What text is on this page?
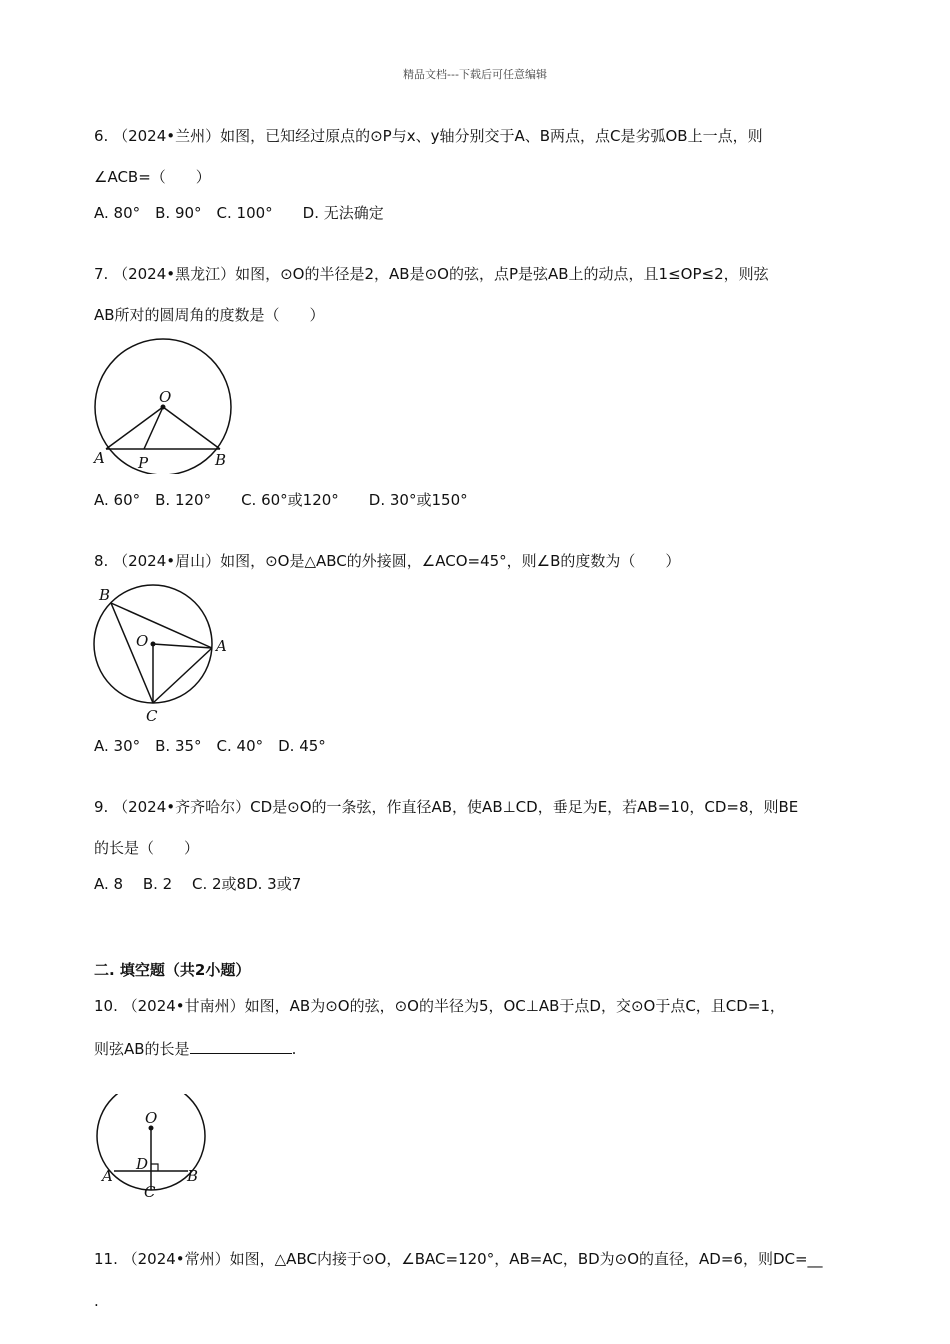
精品文档---下载后可任意编辑
6. （2024•兰州）如图，已知经过原点的⊙P与x、y轴分别交于A、B两点，点C是劣弧OB上一点，则
∠ACB=（　　）
A. 80°　B. 90°　C. 100°　　D. 无法确定
7. （2024•黑龙江）如图，⊙O的半径是2，AB是⊙O的弦，点P是弦AB上的动点，且1≤OP≤2，则弦
AB所对的圆周角的度数是（　　）
O
A P	B
A. 60°　B. 120°　　C. 60°或120°　　D. 30°或150°
8. （2024•眉山）如图，⊙O是△ABC的外接圆，∠ACO=45°，则∠B的度数为（　　）
B
O	A
C
A. 30°　B. 35°　C. 40°　D. 45°
9. （2024•齐齐哈尔）CD是⊙O的一条弦，作直径AB，使AB⊥CD，垂足为E，若AB=10，CD=8，则BE
的长是（　　）
A. 8　 B. 2　 C. 2或8D. 3或7
二. 填空题（共2小题）
10. （2024•甘南州）如图，AB为⊙O的弦，⊙O的半径为5，OC⊥AB于点D，交⊙O于点C，且CD=1，
则弦AB的长是	.
O
D
A	B
C
11. （2024•常州）如图，△ABC内接于⊙O，∠BAC=120°，AB=AC，BD为⊙O的直径，AD=6，则DC=__
.
